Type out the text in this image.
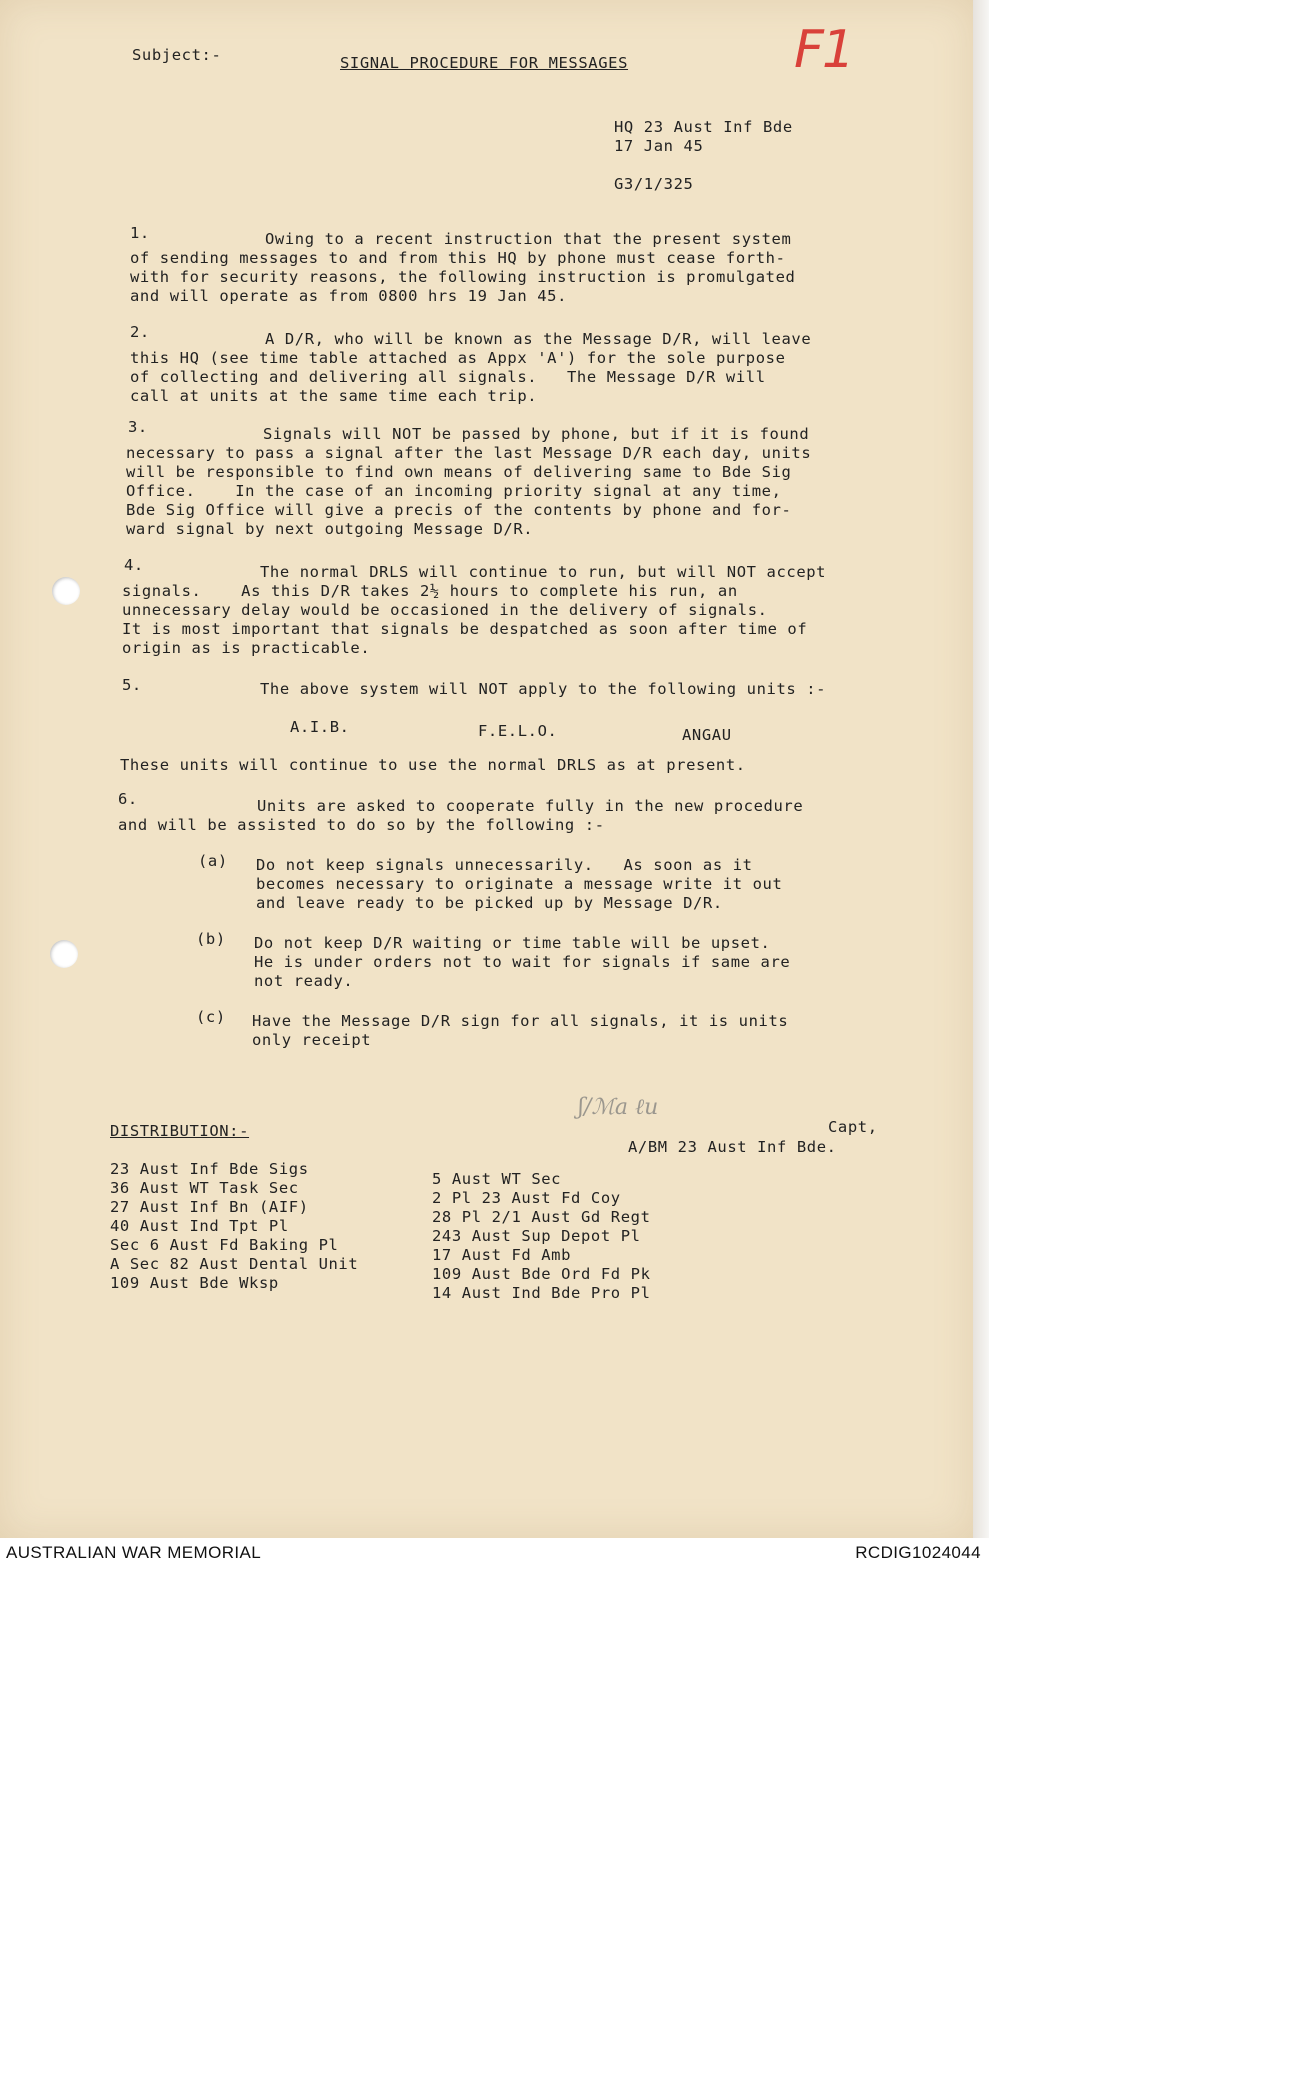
Subject:-	SIGNAL PROCEDURE FOR MESSAGES	F1
HQ 23 Aust Inf Bde
17 Jan 45
G3/1/325
1.	Owing to a recent instruction that the present system
of sending messages to and from this HQ by phone must cease forth-
with for security reasons, the following instruction is promulgated
and will operate as from 0800 hrs 19 Jan 45.
2.	A D/R, who will be known as the Message D/R, will leave
this HQ (see time table attached as Appx 'A') for the sole purpose
of collecting and delivering all signals.   The Message D/R will
call at units at the same time each trip.
3.	Signals will NOT be passed by phone, but if it is found
necessary to pass a signal after the last Message D/R each day, units
will be responsible to find own means of delivering same to Bde Sig
Office.    In the case of an incoming priority signal at any time,
Bde Sig Office will give a precis of the contents by phone and for-
ward signal by next outgoing Message D/R.
4.	The normal DRLS will continue to run, but will NOT accept
signals.    As this D/R takes 2½ hours to complete his run, an
unnecessary delay would be occasioned in the delivery of signals.
It is most important that signals be despatched as soon after time of
origin as is practicable.
5.	The above system will NOT apply to the following units :-
A.I.B.	F.E.L.O.	ANGAU
These units will continue to use the normal DRLS as at present.
6.	Units are asked to cooperate fully in the new procedure
and will be assisted to do so by the following :-
(a) Do not keep signals unnecessarily.   As soon as it
becomes necessary to originate a message write it out
and leave ready to be picked up by Message D/R.
(b) Do not keep D/R waiting or time table will be upset.
He is under orders not to wait for signals if same are
not ready.
(c) Have the Message D/R sign for all signals, it is units
only receipt
ʃ/ℳa ℓu
Capt,
A/BM 23 Aust Inf Bde.
DISTRIBUTION:-
23 Aust Inf Bde Sigs
36 Aust WT Task Sec
27 Aust Inf Bn (AIF)
40 Aust Ind Tpt Pl
Sec 6 Aust Fd Baking Pl
A Sec 82 Aust Dental Unit
109 Aust Bde Wksp
5 Aust WT Sec
2 Pl 23 Aust Fd Coy
28 Pl 2/1 Aust Gd Regt
243 Aust Sup Depot Pl
17 Aust Fd Amb
109 Aust Bde Ord Fd Pk
14 Aust Ind Bde Pro Pl
AUSTRALIAN WAR MEMORIAL	RCDIG1024044
